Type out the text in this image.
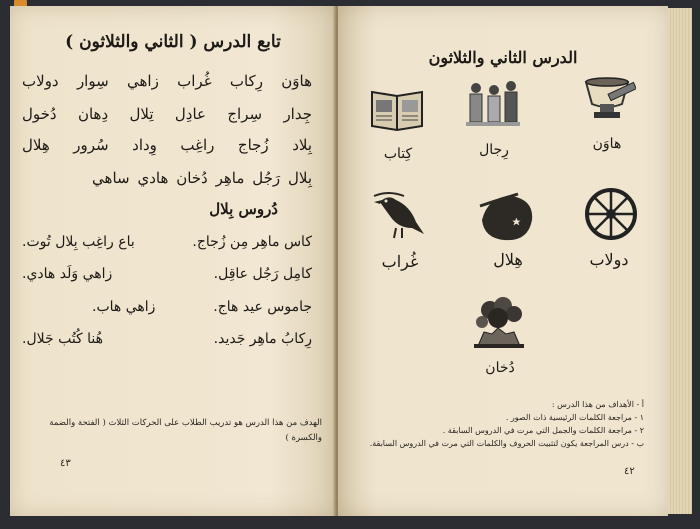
تابع الدرس ( الثاني والثلاثون )
هاوَن
رِكاب
غُراب
زاهي
سِوار
دولاب
جِدار
سِراج
عادِل
تِلال
دِهان
دُخول
بِلاد
زُجاج
راغِب
وِداد
سُرور
هِلال
بِلال
رَجُل
ماهِر
دُخان
هادي
ساهي
دُروس بِلال
كاس ماهِر مِن زُجاج.
باع راغِب بِلال تُوت.
كامِل رَجُل عاقِل.
زاهي وَلَد هادي.
جاموس عيد هاج.
زاهي هاب.
رِكابُ ماهِر جَديد.
هُنا كُتُب جَلال.
الهدف من هذا الدرس هو تدريب الطلاب على الحركات الثلاث ( الفتحة والضمة والكسرة )
٤٣
الدرس الثاني والثلاثون
هاوَن
رِجال
كِتاب
دولاب
هِلال
غُراب
دُخان
أ - الأهداف من هذا الدرس :
١ - مراجعة الكلمات الرئيسية ذات الصور .
٢ - مراجعة الكلمات والجمل التي مرت في الدروس السابقة .
ب - درس المراجعة يكون لتثبيت الحروف والكلمات التي مرت في الدروس السابقة.
٤٢
